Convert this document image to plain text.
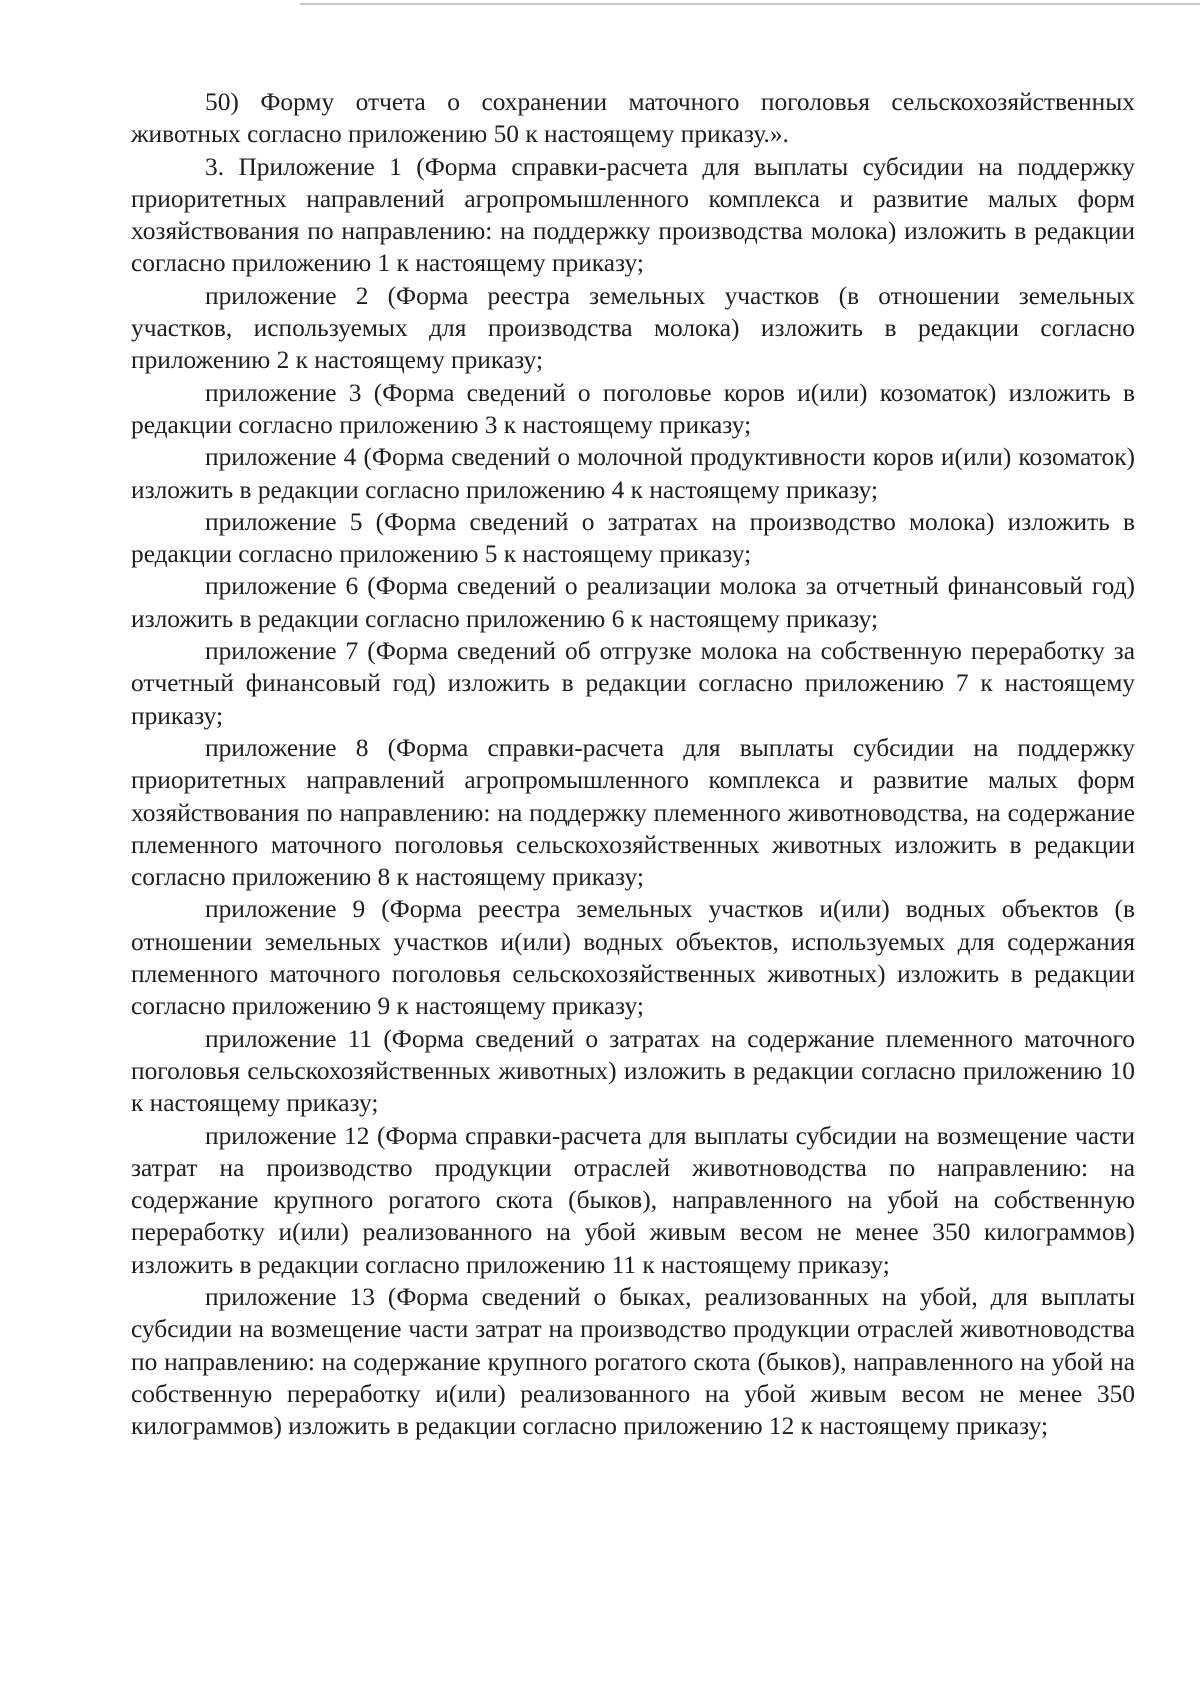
50) Форму отчета о сохранении маточного поголовья сельскохозяйственных животных согласно приложению 50 к настоящему приказу.».

3. Приложение 1 (Форма справки-расчета для выплаты субсидии на поддержку приоритетных направлений агропромышленного комплекса и развитие малых форм хозяйствования по направлению: на поддержку производства молока) изложить в редакции согласно приложению 1 к настоящему приказу;

приложение 2 (Форма реестра земельных участков (в отношении земельных участков, используемых для производства молока) изложить в редакции согласно приложению 2 к настоящему приказу;

приложение 3 (Форма сведений о поголовье коров и(или) козоматок) изложить в редакции согласно приложению 3 к настоящему приказу;

приложение 4 (Форма сведений о молочной продуктивности коров и(или) козоматок) изложить в редакции согласно приложению 4 к настоящему приказу;

приложение 5 (Форма сведений о затратах на производство молока) изложить в редакции согласно приложению 5 к настоящему приказу;

приложение 6 (Форма сведений о реализации молока за отчетный финансовый год) изложить в редакции согласно приложению 6 к настоящему приказу;

приложение 7 (Форма сведений об отгрузке молока на собственную переработку за отчетный финансовый год) изложить в редакции согласно приложению 7 к настоящему приказу;

приложение 8 (Форма справки-расчета для выплаты субсидии на поддержку приоритетных направлений агропромышленного комплекса и развитие малых форм хозяйствования по направлению: на поддержку племенного животноводства, на содержание племенного маточного поголовья сельскохозяйственных животных изложить в редакции согласно приложению 8 к настоящему приказу;

приложение 9 (Форма реестра земельных участков и(или) водных объектов (в отношении земельных участков и(или) водных объектов, используемых для содержания племенного маточного поголовья сельскохозяйственных животных) изложить в редакции согласно приложению 9 к настоящему приказу;

приложение 11 (Форма сведений о затратах на содержание племенного маточного поголовья сельскохозяйственных животных) изложить в редакции согласно приложению 10 к настоящему приказу;

приложение 12 (Форма справки-расчета для выплаты субсидии на возмещение части затрат на производство продукции отраслей животноводства по направлению: на содержание крупного рогатого скота (быков), направленного на убой на собственную переработку и(или) реализованного на убой живым весом не менее 350 килограммов) изложить в редакции согласно приложению 11 к настоящему приказу;

приложение 13 (Форма сведений о быках, реализованных на убой, для выплаты субсидии на возмещение части затрат на производство продукции отраслей животноводства по направлению: на содержание крупного рогатого скота (быков), направленного на убой на собственную переработку и(или) реализованного на убой живым весом не менее 350 килограммов) изложить в редакции согласно приложению 12 к настоящему приказу;
